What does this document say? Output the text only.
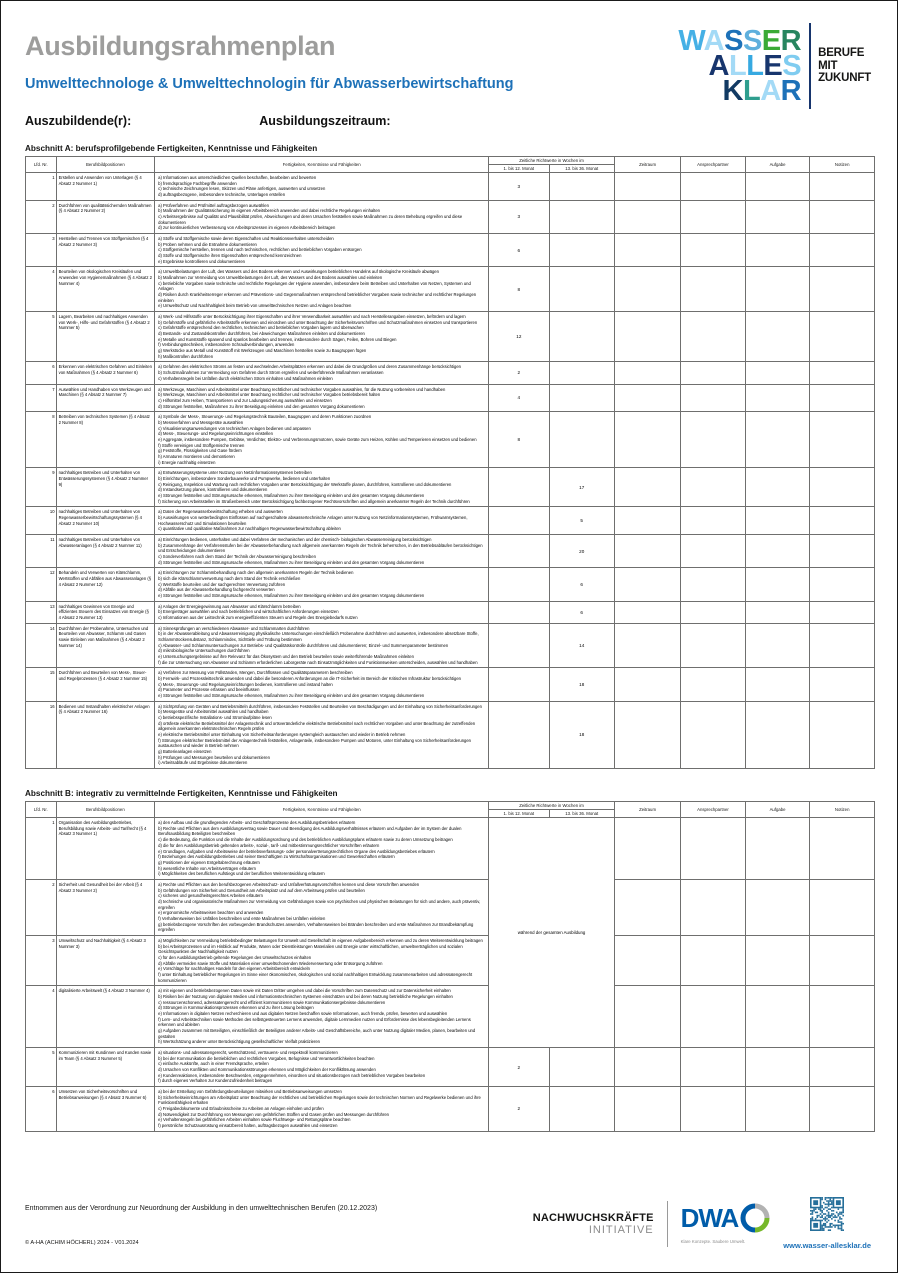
Ausbildungsrahmenplan
Umwelttechnologe & Umwelttechnologin für Abwasserbewirtschaftung
Auszubildende(r):	Ausbildungszeitraum:
Abschnitt A: berufsprofilgebende Fertigkeiten, Kenntnisse und Fähigkeiten
Lfd. Nr.	Berufsbildpositionen	Fertigkeiten, Kenntnisse und Fähigkeiten	Zeitliche Richtwerte in Wochen im		Zeitraum	Ansprechpartner	Aufgabe	Notizen
			1. bis 12. Monat	13. bis 36. Monat				
1	Erstellen und Anwenden von Unterlagen (§ 4 Absatz 2 Nummer 1)	a) Informationen aus unterschiedlichen Quellen beschaffen, bearbeiten und bewerten
b) fremdsprachige Fachbegriffe anwenden
c) technische Zeichnungen lesen, Skizzen und Pläne anfertigen, auswerten und umsetzen
d) auftragsbezogene, insbesondere technische, Unterlagen erstellen	3					
2	Durchführen von qualitätssichernden Maßnahmen (§ 4 Absatz 2 Nummer 2)	a) Prüfverfahren und Prüfmittel auftragsbezogen auswählen
b) Maßnahmen der Qualitätssicherung im eigenen Arbeitsbereich anwenden und dabei rechtliche Regelungen einhalten
c) Arbeitsergebnisse auf Qualität und Plausibilität prüfen, Abweichungen und deren Ursachen feststellen sowie Maßnahmen zu deren Behebung ergreifen und diese dokumentieren
d) zur kontinuierlichen Verbesserung von Arbeitsprozessen im eigenen Arbeitsbereich beitragen	3					
3	Herstellen und Trennen von Stoffgemischen (§ 4 Absatz 2 Nummer 3)	a) Stoffe und Stoffgemische sowie deren Eigenschaften und Reaktionsverhalten unterscheiden
b) Proben nehmen und die Entnahme dokumentieren
c) Stoffgemische herstellen, trennen und nach technischen, rechtlichen und betrieblichen Vorgaben entsorgen
d) Stoffe und Stoffgemische ihren Eigenschaften entsprechend kennzeichnen
e) Ergebnisse kontrollieren und dokumentieren	6					
4	Beurteilen von ökologischen Kreisläufen und Anwenden von Hygienemaßnahmen (§ 4 Absatz 2 Nummer 4)	a) Umweltbelastungen der Luft, des Wassers und des Bodens erkennen und Auswirkungen betrieblichen Handelns auf ökologische Kreisläufe abwägen
b) Maßnahmen zur Vermeidung von Umweltbelastungen der Luft, des Wassers und des Bodens auswählen und einleiten
c) betriebliche Vorgaben sowie technische und rechtliche Regelungen der Hygiene anwenden, insbesondere beim Betreiben und Unterhalten von Netzen, Systemen und Anlagen
d) Risiken durch Krankheitserreger erkennen und Präventions- und Gegenmaßnahmen entsprechend betrieblicher Vorgaben sowie technischer und rechtlicher Regelungen einleiten
e) Umweltschutz und Nachhaltigkeit beim Betrieb von umwelttechnischen Netzen und Anlagen beachten	8					
5	Lagern, Bearbeiten und nachhaltiges Anwenden von Werk-, Hilfs- und Gefahrstoffen (§ 4 Absatz 2 Nummer 5)	
a) Werk- und Hilfsstoffe unter Berücksichtigung ihrer Eigenschaften und ihrer Verwendbarkeit auswählen und nach Herstellerangaben einsetzen, befördern und lagern
b) Gefahrstoffe und gefährliche Arbeitsstoffe erkennen und einordnen und unter Beachtung der Sicherheitsvorschriften und Schutzmaßnahmen einsetzen und transportieren
c) Gefahrstoffe entsprechend den rechtlichen, technischen und betrieblichen Vorgaben lagern und überwachen
d) Bestands- und Zustandskontrollen durchführen, bei Abweichungen Maßnahmen einleiten und dokumentieren
e) Metalle und Kunststoffe spanend und spanlos bearbeiten und trennen, insbesondere durch Sägen, Feilen, Bohren und Biegen
f) Verbindungstechniken, insbesondere Schraubverbindungen, anwenden
g) Werkstücke aus Metall und Kunststoff mit Werkzeugen und Maschinen herstellen sowie zu Baugruppen fügen
h) Maßkontrollen durchführen
	12					
6	Erkennen von elektrischen Gefahren und Einleiten von Maßnahmen (§ 4 Absatz 2 Nummer 6)	a) Gefahren des elektrischen Stroms an festen und wechselnden Arbeitsplätzen erkennen und dabei die Grundgrößen und deren Zusammenhänge berücksichtigen
b) Schutzmaßnahmen zur Vermeidung von Gefahren durch Strom ergreifen und weiterführende Maßnahmen veranlassen
c) Verhaltensregeln bei Unfällen durch elektrischen Strom einhalten und Maßnahmen einleiten	2					
7	Auswählen und Handhaben von Werkzeugen und Maschinen (§ 4 Absatz 2 Nummer 7)	a) Werkzeuge, Maschinen und Arbeitsmittel unter Beachtung rechtlicher und technischer Vorgaben auswählen, für die Nutzung vorbereiten und handhaben
b) Werkzeuge, Maschinen und Arbeitsmittel unter Beachtung rechtlicher und technischer Vorgaben betriebsbereit halten
c) Hilfsmittel zum Heben, Transportieren und zur Ladungssicherung auswählen und einsetzen
d) Störungen feststellen, Maßnahmen zu ihrer Beseitigung einleiten und den gesamten Vorgang dokumentieren	4					
8	Betreiben von technischen Systemen (§ 4 Absatz 2 Nummer 8)	
a) Symbole der Mess-, Steuerungs- und Regelungstechnik Bauteilen, Baugruppen und deren Funktionen zuordnen
b) Messverfahren und Messgeräte auswählen
c) Visualisierungsanwendungen von technischen Anlagen bedienen und anpassen
d) Mess-, Steuerungs- und Regelungseinrichtungen einstellen
e) Aggregate, insbesondere Pumpen, Gebläse, Verdichter, Elektro- und Verbrennungsmotoren, sowie Geräte zum Heizen, Kühlen und Temperieren einsetzen und bedienen
f) Stoffe vereinigen und Stoffgemische trennen
g) Feststoffe, Flüssigkeiten und Gase fördern
h) Armaturen montieren und demontieren
i) Energie nachhaltig einsetzen
	8					
9	nachhaltiges Betreiben und Unterhalten von Entwässerungssystemen (§ 4 Absatz 2 Nummer 9)	
a) Entwässerungssysteme unter Nutzung von Netzinformationssystemen betreiben
b) Einrichtungen, insbesondere Sonderbauwerke und Pumpwerke, bedienen und unterhalten
c) Reinigung, Inspektion und Wartung nach rechtlichen Vorgaben unter Berücksichtigung der Werkstoffe planen, durchführen, kontrollieren und dokumentieren
d) Instandsetzung planen, kontrollieren und dokumentieren
e) Störungen feststellen und Störungsursache erkennen, Maßnahmen zu ihrer Beseitigung einleiten und den gesamten Vorgang dokumentieren
f) Sicherung von Arbeitsstellen im Straßenbereich unter Berücksichtigung fachbezogener Rechtsvorschriften und allgemein anerkannter Regeln der Technik durchführen
		17				
10	nachhaltiges Betreiben und Unterhalten von Regenwasserbewirtschaftungssystemen (§ 4 Absatz 2 Nummer 10)	a) Daten der Regenwasserbewirtschaftung erheben und auswerten
b) Auswirkungen von wetterbedingten Einflüssen auf nachgeschaltete abwassertechnische Anlagen unter Nutzung von Netzinformationssystemen, Frühwarnsystemen, Hochwasserschutz und Simulationen beurteilen
c) quantitative und qualitative Maßnahmen zur nachhaltigen Regenwasserbewirtschaftung ableiten		5				
11	nachhaltiges Betreiben und Unterhalten von Abwasseranlagen (§ 4 Absatz 2 Nummer 11)	a) Einrichtungen bedienen, unterhalten und dabei Verfahren der mechanischen und der chemisch- biologischen Abwasserreinigung berücksichtigen
b) Zusammenhänge der Verfahrensstufen bei der Abwasserbehandlung nach allgemein anerkannten Regeln der Technik beherrschen, in den Betriebsabläufen berücksichtigen und Entscheidungen dokumentieren
c) Sonderverfahren nach dem Stand der Technik der Abwasserreinigung beschreiben
d) Störungen feststellen und Störungsursache erkennen, Maßnahmen zu ihrer Beseitigung einleiten und den gesamten Vorgang dokumentieren		20				
12	Behandeln und Verwerten von Klärschlamm, Wertstoffen und Abfällen aus Abwasseranlagen (§ 4 Absatz 2 Nummer 12)	a) Einrichtungen zur Schlammbehandlung nach den allgemein anerkannten Regeln der Technik bedienen
b) sich die Klärschlammverwertung nach dem Stand der Technik erschließen
c) Wertstoffe beurteilen und der sachgerechten Verwertung zuführen
d) Abfälle aus der Abwasserbehandlung fachgerecht verwerten
e) Störungen feststellen und Störungsursache erkennen, Maßnahmen zu ihrer Beseitigung einleiten und den gesamten Vorgang dokumentieren		6				
13	nachhaltiges Gewinnen von Energie und effizientes Steuern des Einsatzes von Energie (§ 4 Absatz 2 Nummer 13)	a) Anlagen der Energiegewinnung aus Abwasser und Klärschlamm betreiben
b) Energieträger auswählen und nach betrieblichen und wirtschaftlichen Anforderungen einsetzen
c) Informationen aus der Leittechnik zum energieeffizienten Steuern und Regeln des Energiebedarfs nutzen		6				
14	Durchführen der Probenahme, Untersuchen und Beurteilen von Abwasser, Schlamm und Gasen sowie Einleiten von Maßnahmen (§ 4 Absatz 2 Nummer 14)	
a) Sinnesprüfungen an verschiedenen Abwasser- und Schlammarten durchführen
b) in der Abwasserableitung und Abwasserreinigung physikalische Untersuchungen einschließlich Probenahme durchführen und auswerten, insbesondere absetzbare Stoffe, Schlammtrockensubstanz, Schlammindex, Sichttiefe und Trübung bestimmen
c) Abwasser- und Schlammuntersuchungen zur Betriebs- und Qualitätskontrolle durchführen und dokumentieren; Einzel- und Summenparameter bestimmen
d) mikrobiologische Untersuchungen durchführen
e) Untersuchungsergebnisse auf ihre Relevanz für das Ökosystem und den Betrieb beurteilen sowie weiterführende Maßnahmen einleiten
f) die zur Untersuchung von Abwasser und Schlamm erforderlichen Laborgeräte nach Einsatzmöglichkeiten und Funktionsweisen unterscheiden, auswählen und handhaben
		14				
15	Durchführen und Beurteilen von Mess-, Steuer- und Regelprozessen (§ 4 Absatz 2 Nummer 15)	a) Verfahren zur Messung von Füllständen, Mengen, Durchflüssen und Qualitätsparametern beschreiben
b) Fernwirk- und Prozessleittechnik anwenden und dabei die besonderen Anforderungen an die IT-Sicherheit im Bereich der Kritischen Infrastruktur berücksichtigen
c) Mess-, Steuerungs- und Regelungseinrichtungen bedienen, kontrollieren und instand halten
d) Parameter und Prozesse erfassen und beeinflussen
e) Störungen feststellen und Störungsursache erkennen, Maßnahmen zu ihrer Beseitigung einleiten und den gesamten Vorgang dokumentieren		18				
16	Bedienen und Instandhalten elektrischer Anlagen (§ 4 Absatz 2 Nummer 16)	
a) Sichtprüfung von Geräten und Betriebsmitteln durchführen, insbesondere Feststellen und Beurteilen von Beschädigungen und der Einhaltung von Sicherheitsanforderungen
b) Messgeräte und Arbeitsmittel auswählen und handhaben
c) betriebsspezifische Installations- und Stromlaufpläne lesen
d) ortsfeste elektrische Betriebsmittel der Anlagentechnik und ortsveränderliche elektrische Betriebsmittel nach rechtlichen Vorgaben und unter Beachtung der zutreffenden allgemein anerkannten elektrotechnischen Regeln prüfen
e) elektrische Betriebsmittel unter Einhaltung von Sicherheitsanforderungen systemgleich austauschen und wieder in Betrieb nehmen
f) Störungen elektrischer Betriebsmittel der Anlagentechnik feststellen, Anlagenteile, insbesondere Pumpen und Motoren, unter Einhaltung von Sicherheitsanforderungen austauschen und wieder in Betrieb nehmen
g) Batterieanlagen einsetzen
h) Prüfungen und Messungen beurteilen und dokumentieren
i) Arbeitsabläufe und Ergebnisse dokumentieren
		18				
Abschnitt B: integrativ zu vermittelnde Fertigkeiten, Kenntnisse und Fähigkeiten
Lfd. Nr.	Berufsbildpositionen	Fertigkeiten, Kenntnisse und Fähigkeiten	Zeitliche Richtwerte in Wochen im		Zeitraum	Ansprechpartner	Aufgabe	Notizen
			1. bis 12. Monat	13. bis 36. Monat				
1	Organisation des Ausbildungsbetriebes, Berufsbildung sowie Arbeits- und Tarifrecht (§ 4 Absatz 3 Nummer 1)	
a) den Aufbau und die grundlegenden Arbeits- und Geschäftsprozesse des Ausbildungsbetriebes erläutern
b) Rechte und Pflichten aus dem Ausbildungsvertrag sowie Dauer und Beendigung des Ausbildungsverhältnisses erläutern und Aufgaben der im System der dualen Berufsausbildung Beteiligten beschreiben
c) die Bedeutung, die Funktion und die Inhalte der Ausbildungsordnung und des betrieblichen Ausbildungsplans erläutern sowie zu deren Umsetzung beitragen
d) die für den Ausbildungsbetrieb geltenden arbeits-, sozial-, tarif- und mitbestimmungsrechtlicher Vorschriften erläutern
e) Grundlagen, Aufgaben und Arbeitsweise der betriebsverfassungs- oder personalvertretungsrechtlichen Organe des Ausbildungsbetriebes erläutern
f) Beziehungen des Ausbildungsbetriebes und seiner Beschäftigten zu Wirtschaftsorganisationen und Gewerkschaften erläutern
g) Positionen der eigenen Entgeltabrechnung erläutern
h) wesentliche Inhalte von Arbeitsverträgen erläutern
i) Möglichkeiten des beruflichen Aufstiegs und der beruflichen Weiterentwicklung erläutern
	während der gesamten Ausbildung				
2	Sicherheit und Gesundheit bei der Arbeit (§ 4 Absatz 3 Nummer 2)	
a) Rechte und Pflichten aus den berufsbezogenen Arbeitsschutz- und Unfallverhütungsvorschriften kennen und diese Vorschriften anwenden
b) Gefährdungen von Sicherheit und Gesundheit am Arbeitsplatz und auf dem Arbeitsweg prüfen und beurteilen
c) sicheres und gesundheitsgerechtes Arbeiten erläutern
d) technische und organisatorische Maßnahmen zur Vermeidung von Gefährdungen sowie von psychischen und physischen Belastungen für sich und andere, auch präventiv, ergreifen
e) ergonomische Arbeitsweisen beachten und anwenden
f) Verhaltensweisen bei Unfällen beschreiben und erste Maßnahmen bei Unfällen einleiten
g) betriebsbezogene Vorschriften des vorbeugenden Brandschutzes anwenden, Verhaltensweisen bei Bränden beschreiben und erste Maßnahmen zur Brandbekämpfung ergreifen

3	Umweltschutz und Nachhaltigkeit (§ 4 Absatz 3 Nummer 3)	
a) Möglichkeiten zur Vermeidung betriebsbedingter Belastungen für Umwelt und Gesellschaft im eigenen Aufgabenbereich erkennen und zu deren Weiterentwicklung beitragen
b) bei Arbeitsprozessen und im Hinblick auf Produkte, Waren oder Dienstleistungen Materialien und Energie unter wirtschaftlichen, umweltverträglichen und sozialen Gesichtspunkten der Nachhaltigkeit nutzen
c) für den Ausbildungsbetrieb geltende Regelungen des Umweltschutzes einhalten
d) Abfälle vermeiden sowie Stoffe und Materialien einer umweltschonenden Wiederverwertung oder Entsorgung zuführen
e) Vorschläge für nachhaltiges Handeln für den eigenen Arbeitsbereich entwickeln
f) unter Einhaltung betrieblicher Regelungen im Sinne einer ökonomischen, ökologischen und sozial nachhaltigen Entwicklung zusammenarbeiten und adressatengerecht kommunizieren

4	digitalisierte Arbeitswelt (§ 4 Absatz 3 Nummer 4)	a) mit eigenen und betriebsbezogenen Daten sowie mit Daten Dritter umgehen und dabei die Vorschriften zum Datenschutz und zur Datensicherheit einhalten
b) Risiken bei der Nutzung von digitalen Medien und informationstechnischen Systemen einschätzen und bei deren Nutzung betriebliche Regelungen einhalten
c) ressourcenschonend, adressatengerecht und effizient kommunizieren sowie Kommunikationsergebnisse dokumentieren
d) Störungen in Kommunikationsprozessen erkennen und zu ihrer Lösung beitragen
e) Informationen in digitalen Netzen recherchieren und aus digitalen Netzen beschaffen sowie Informationen, auch fremde, prüfen, bewerten und auswählen
f) Lern- und Arbeitstechniken sowie Methoden des selbstgesteuerten Lernens anwenden, digitale Lernmedien nutzen und Erfordernisse des lebensbegleitenden Lernens erkennen und ableiten
g) Aufgaben zusammen mit Beteiligten, einschließlich der Beteiligten anderer Arbeits- und Geschäftsbereiche, auch unter Nutzung digitaler Medien, planen, bearbeiten und gestalten
h) Wertschätzung anderer unter Berücksichtigung gesellschaftlicher Vielfalt praktizieren

5	Kommunizieren mit Kundinnen und Kunden sowie im Team (§ 4 Absatz 3 Nummer 5)	
a) situations- und adressatengerecht, wertschätzend, vertrauens- und respektvoll kommunizieren
b) bei der Kommunikation die betrieblichen und rechtlichen Vorgaben, Befugnisse und Verantwortlichkeiten beachten
c) einfache Auskünfte, auch in einer Fremdsprache, erteilen
d) Ursachen von Konflikten und Kommunikationsstörungen erkennen und Möglichkeiten der Konfliktlösung anwenden
e) Kundenreaktionen, insbesondere Beschwerden, entgegennehmen, einordnen und situationsbezogen nach betrieblichen Vorgaben bearbeiten
f) durch eigenes Verhalten zur Kundenzufriedenheit beitragen
	2					
6	Umsetzen von Sicherheitsvorschriften und Betriebsanweisungen (§ 4 Absatz 3 Nummer 6)	
a) bei der Erstellung von Gefährdungsbeurteilungen mitwirken und Betriebsanweisungen umsetzen
b) Sicherheitseinrichtungen am Arbeitsplatz unter Beachtung der rechtlichen und betrieblichen Regelungen sowie der technischen Normen und Regelwerke bedienen und ihre Funktionsfähigkeit erhalten
c) Freigabedokumente und Erlaubnisscheine zu Arbeiten an Anlagen einholen und prüfen
d) Notwendigkeit zur Durchführung von Messungen von gefährlichen Stoffen und Gasen prüfen und Messungen durchführen
e) Verhaltensregeln bei gefährlichen Arbeiten einhalten sowie Fluchtwege- und Rettungspläne beachten
f) persönliche Schutzausrüstung einsatzbereit halten, auftragsbezogen auswählen und einsetzen
	2					
WASSER
ALLES
KLAR
BERUFE
MIT
ZUKUNFT
Entnommen aus der Verordnung zur Neuordnung der Ausbildung in den umwelttechnischen Berufen (20.12.2023)
© A-HA (ACHIM HÖCHERL) 2024 - V01.2024
NACHWUCHSKRÄFTE
INITIATIVE DWA
Klare Konzepte. Saubere Umwelt.	www.wasser-allesklar.de
